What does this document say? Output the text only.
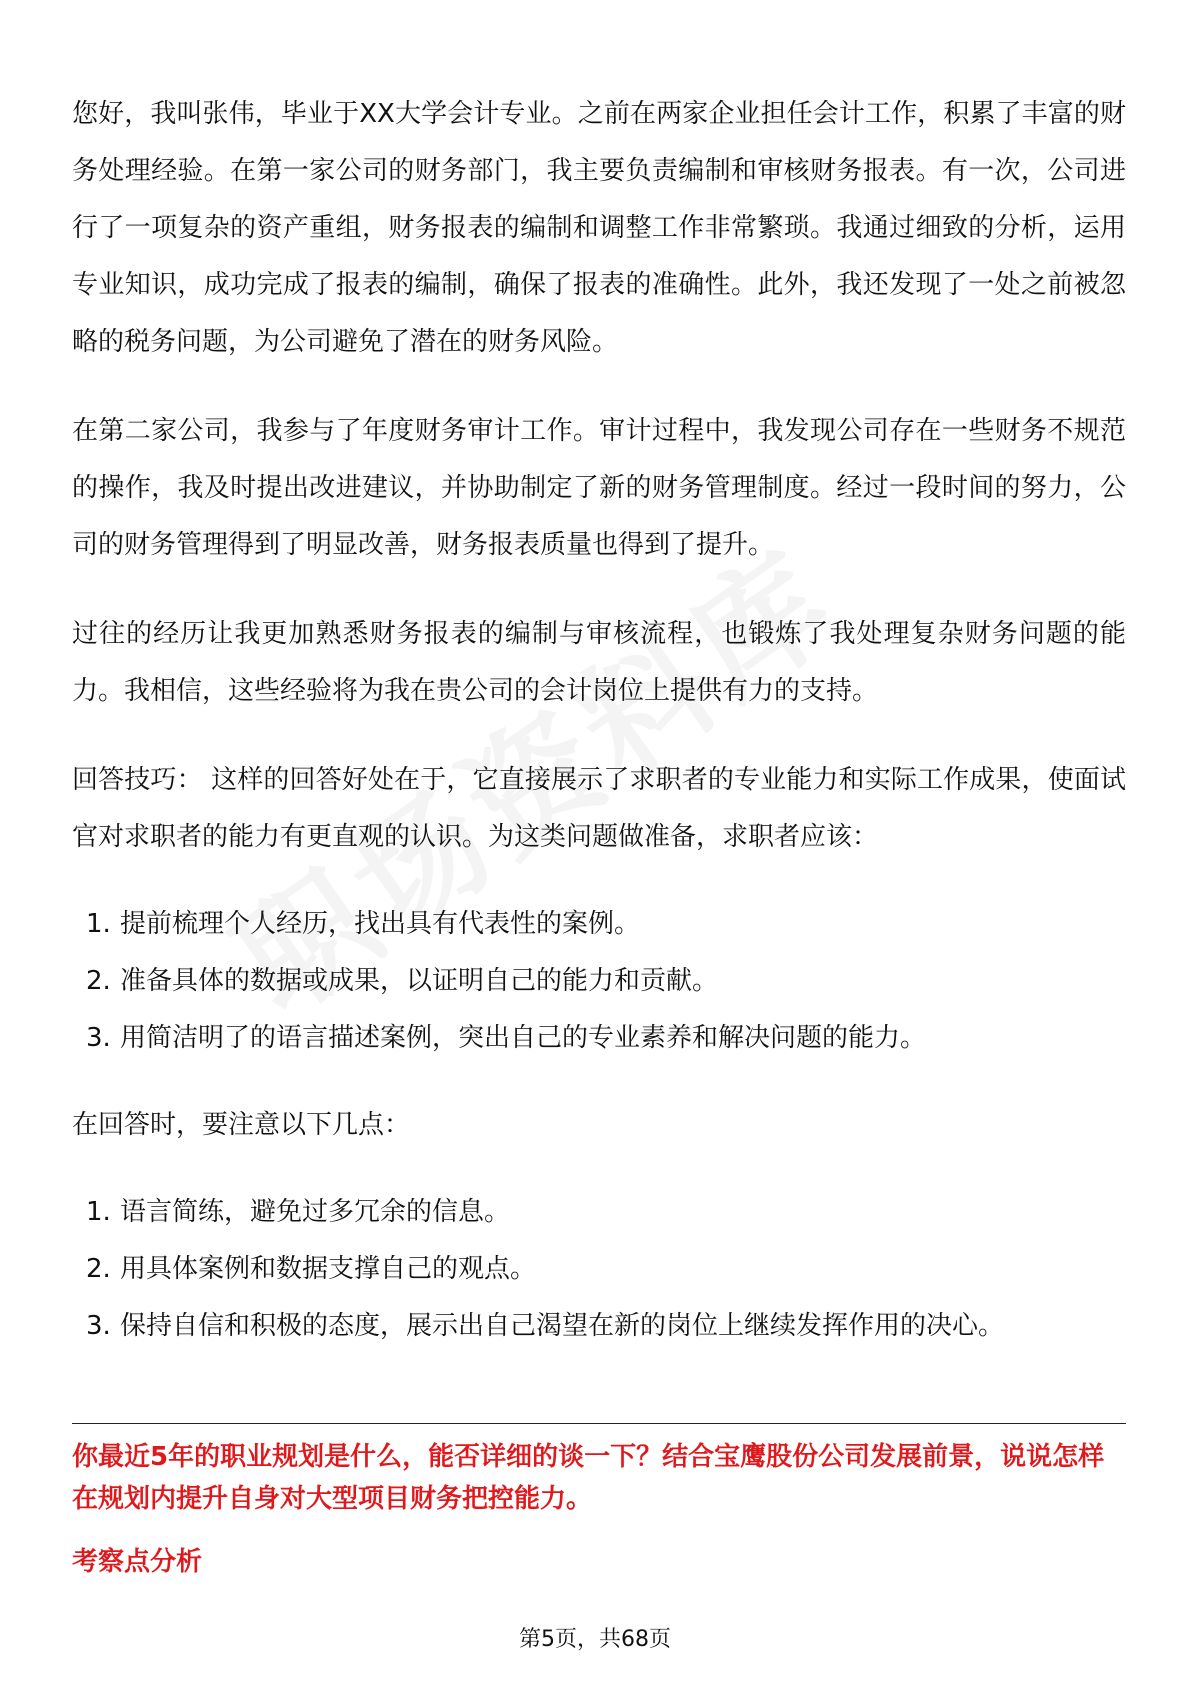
您好，我叫张伟，毕业于XX大学会计专业。之前在两家企业担任会计工作，积累了丰富的财务处理经验。在第一家公司的财务部门，我主要负责编制和审核财务报表。有一次，公司进行了一项复杂的资产重组，财务报表的编制和调整工作非常繁琐。我通过细致的分析，运用专业知识，成功完成了报表的编制，确保了报表的准确性。此外，我还发现了一处之前被忽略的税务问题，为公司避免了潜在的财务风险。

在第二家公司，我参与了年度财务审计工作。审计过程中，我发现公司存在一些财务不规范的操作，我及时提出改进建议，并协助制定了新的财务管理制度。经过一段时间的努力，公司的财务管理得到了明显改善，财务报表质量也得到了提升。

过往的经历让我更加熟悉财务报表的编制与审核流程，也锻炼了我处理复杂财务问题的能力。我相信，这些经验将为我在贵公司的会计岗位上提供有力的支持。

回答技巧： 这样的回答好处在于，它直接展示了求职者的专业能力和实际工作成果，使面试官对求职者的能力有更直观的认识。为这类问题做准备，求职者应该：

1. 提前梳理个人经历，找出具有代表性的案例。
2. 准备具体的数据或成果，以证明自己的能力和贡献。
3. 用简洁明了的语言描述案例，突出自己的专业素养和解决问题的能力。

在回答时，要注意以下几点：

1. 语言简练，避免过多冗余的信息。
2. 用具体案例和数据支撑自己的观点。
3. 保持自信和积极的态度，展示出自己渴望在新的岗位上继续发挥作用的决心。

你最近5年的职业规划是什么，能否详细的谈一下？结合宝鹰股份公司发展前景，说说怎样在规划内提升自身对大型项目财务把控能力。

考察点分析

第5页，共68页
